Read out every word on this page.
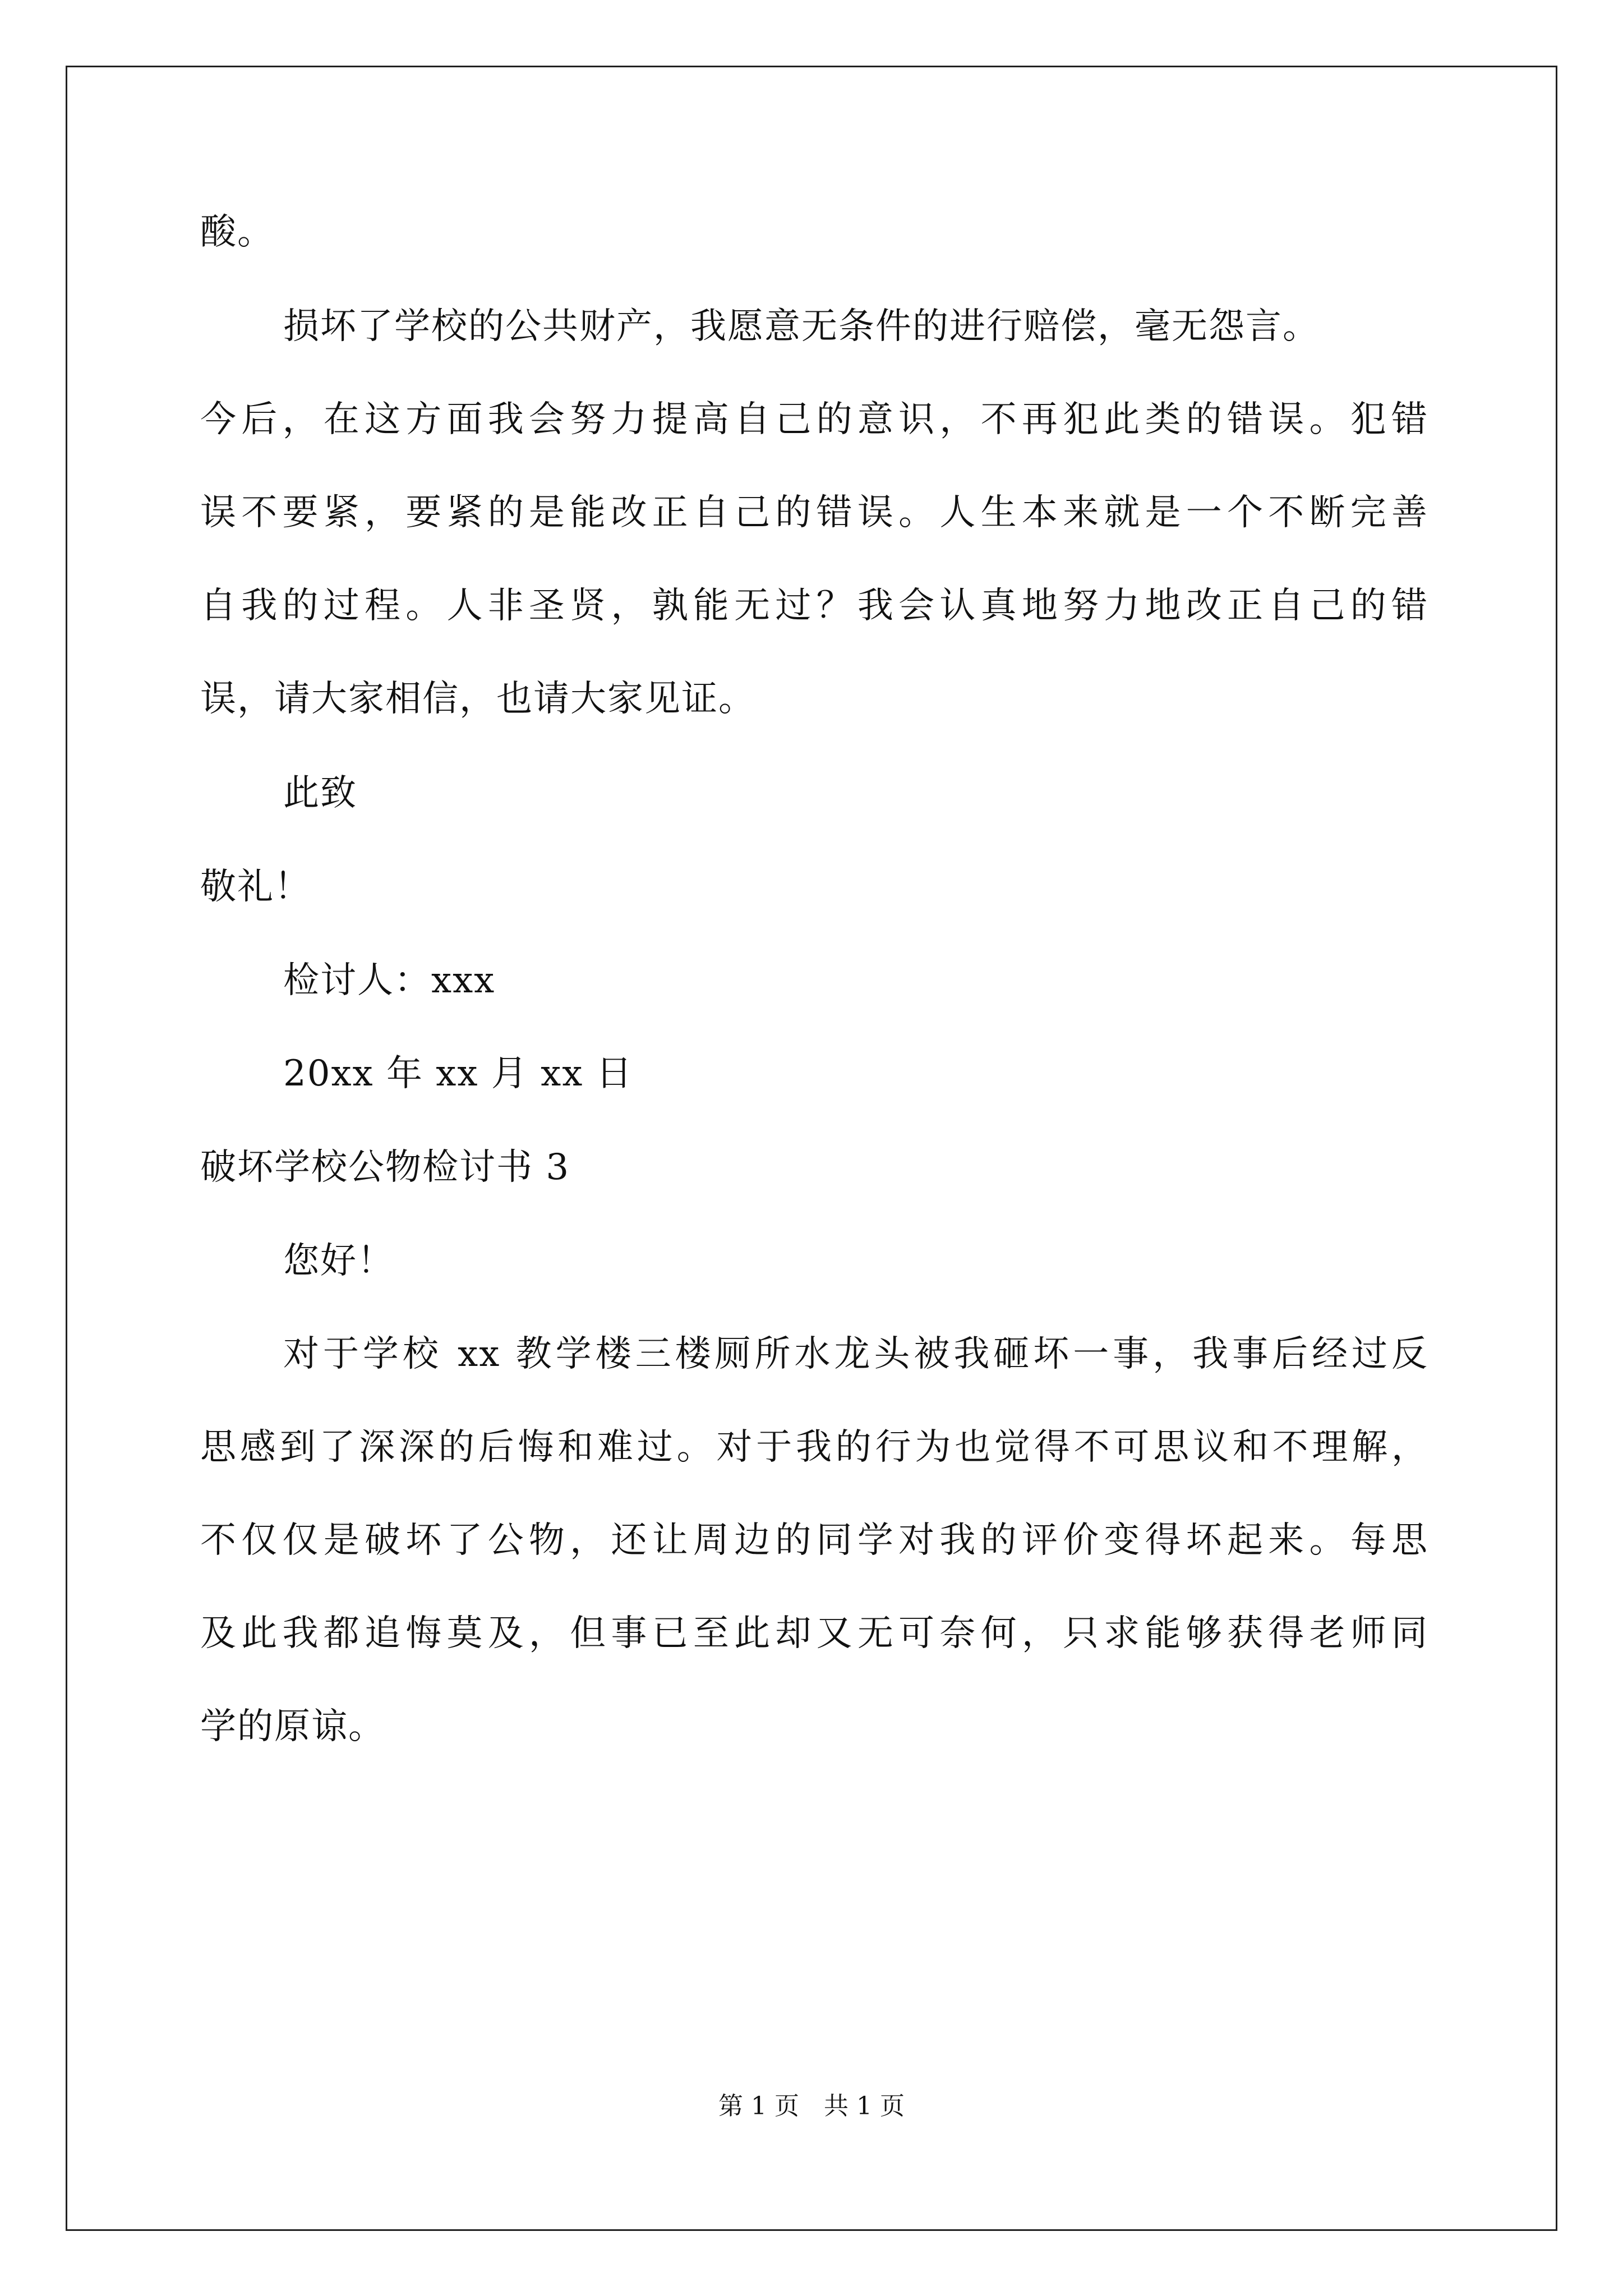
酸。
损坏了学校的公共财产，我愿意无条件的进行赔偿，毫无怨言。
今后，在这方面我会努力提高自己的意识，不再犯此类的错误。犯错
误不要紧，要紧的是能改正自己的错误。人生本来就是一个不断完善
自我的过程。人非圣贤，孰能无过？我会认真地努力地改正自己的错
误，请大家相信，也请大家见证。
此致
敬礼！
检讨人：xxx
20xx 年 xx 月 xx 日
破坏学校公物检讨书 3
您好！
对于学校 xx 教学楼三楼厕所水龙头被我砸坏一事，我事后经过反
思感到了深深的后悔和难过。对于我的行为也觉得不可思议和不理解，
不仅仅是破坏了公物，还让周边的同学对我的评价变得坏起来。每思
及此我都追悔莫及，但事已至此却又无可奈何，只求能够获得老师同
学的原谅。
第 1 页　共 1 页
